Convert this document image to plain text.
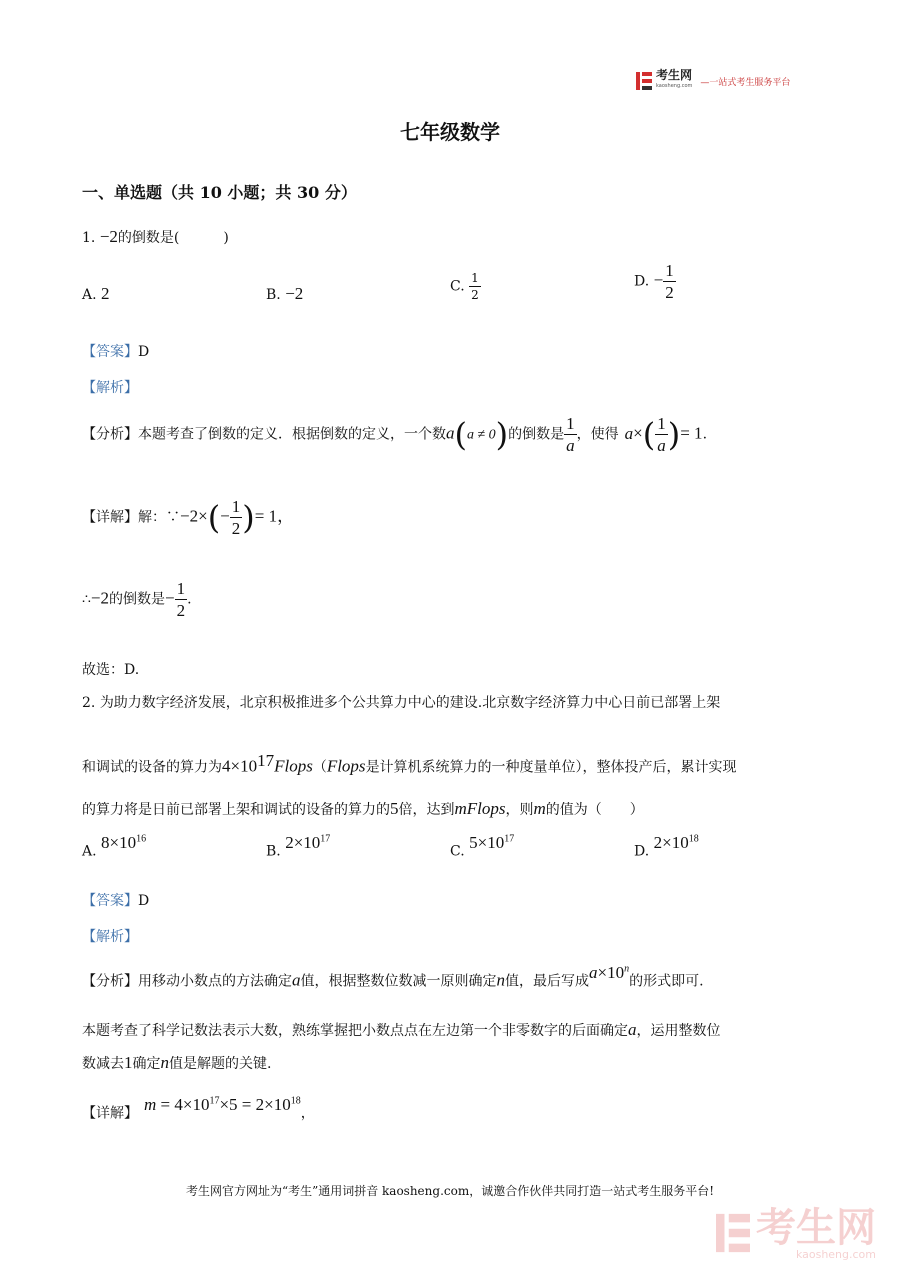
考生网
kaosheng.com —一站式考生服务平台
七年级数学
一、单选题（共 10 小题；共 30 分）
1. −2的倒数是(	)
A. 2	B. −2	C. $\frac{1}{2}$	D. − $\frac{1}{2}$
【答案】D
【解析】
【分析】本题考查了倒数的定义．根据倒数的定义，一个数a(a ≠ 0)的倒数是 $\frac{1}{a}$ ，使得 $a\times( \frac{1}{a}$ )= 1.
【详解】解：∵−2×(− $\frac{1}{2}$ )= 1，
∴−2的倒数是− $\frac{1}{2}$ .
故选：D.
2. 为助力数字经济发展，北京积极推进多个公共算力中心的建设.北京数字经济算力中心日前已部署上架
和调试的设备的算力为$4\times 10^{17}Flops(Flops$是计算机系统算力的一种度量单位），整体投产后，累计实现
的算力将是日前已部署上架和调试的设备的算力的5倍，达到mFlops，则m的值为（　　）
A. $8\times 10^{16}$
B. $2\times 10^{17}$
C. $5\times 10^{17}$
D. $2\times 10^{18}$
【答案】D
【解析】
【分析】用移动小数点的方法确定a值，根据整数位数减一原则确定n值，最后写成$a\times 10^n$的形式即可.
本题考查了科学记数法表示大数，熟练掌握把小数点点在左边第一个非零数字的后面确定a，运用整数位
数减去1确定n值是解题的关键.
【详解】 $m = 4\times 10^{17}\times 5 = 2\times 10^{18}$，
考生网官方网址为“考生”通用词拼音 kaosheng.com，诚邀合作伙伴共同打造一站式考生服务平台!
考生网
kaosheng.com
